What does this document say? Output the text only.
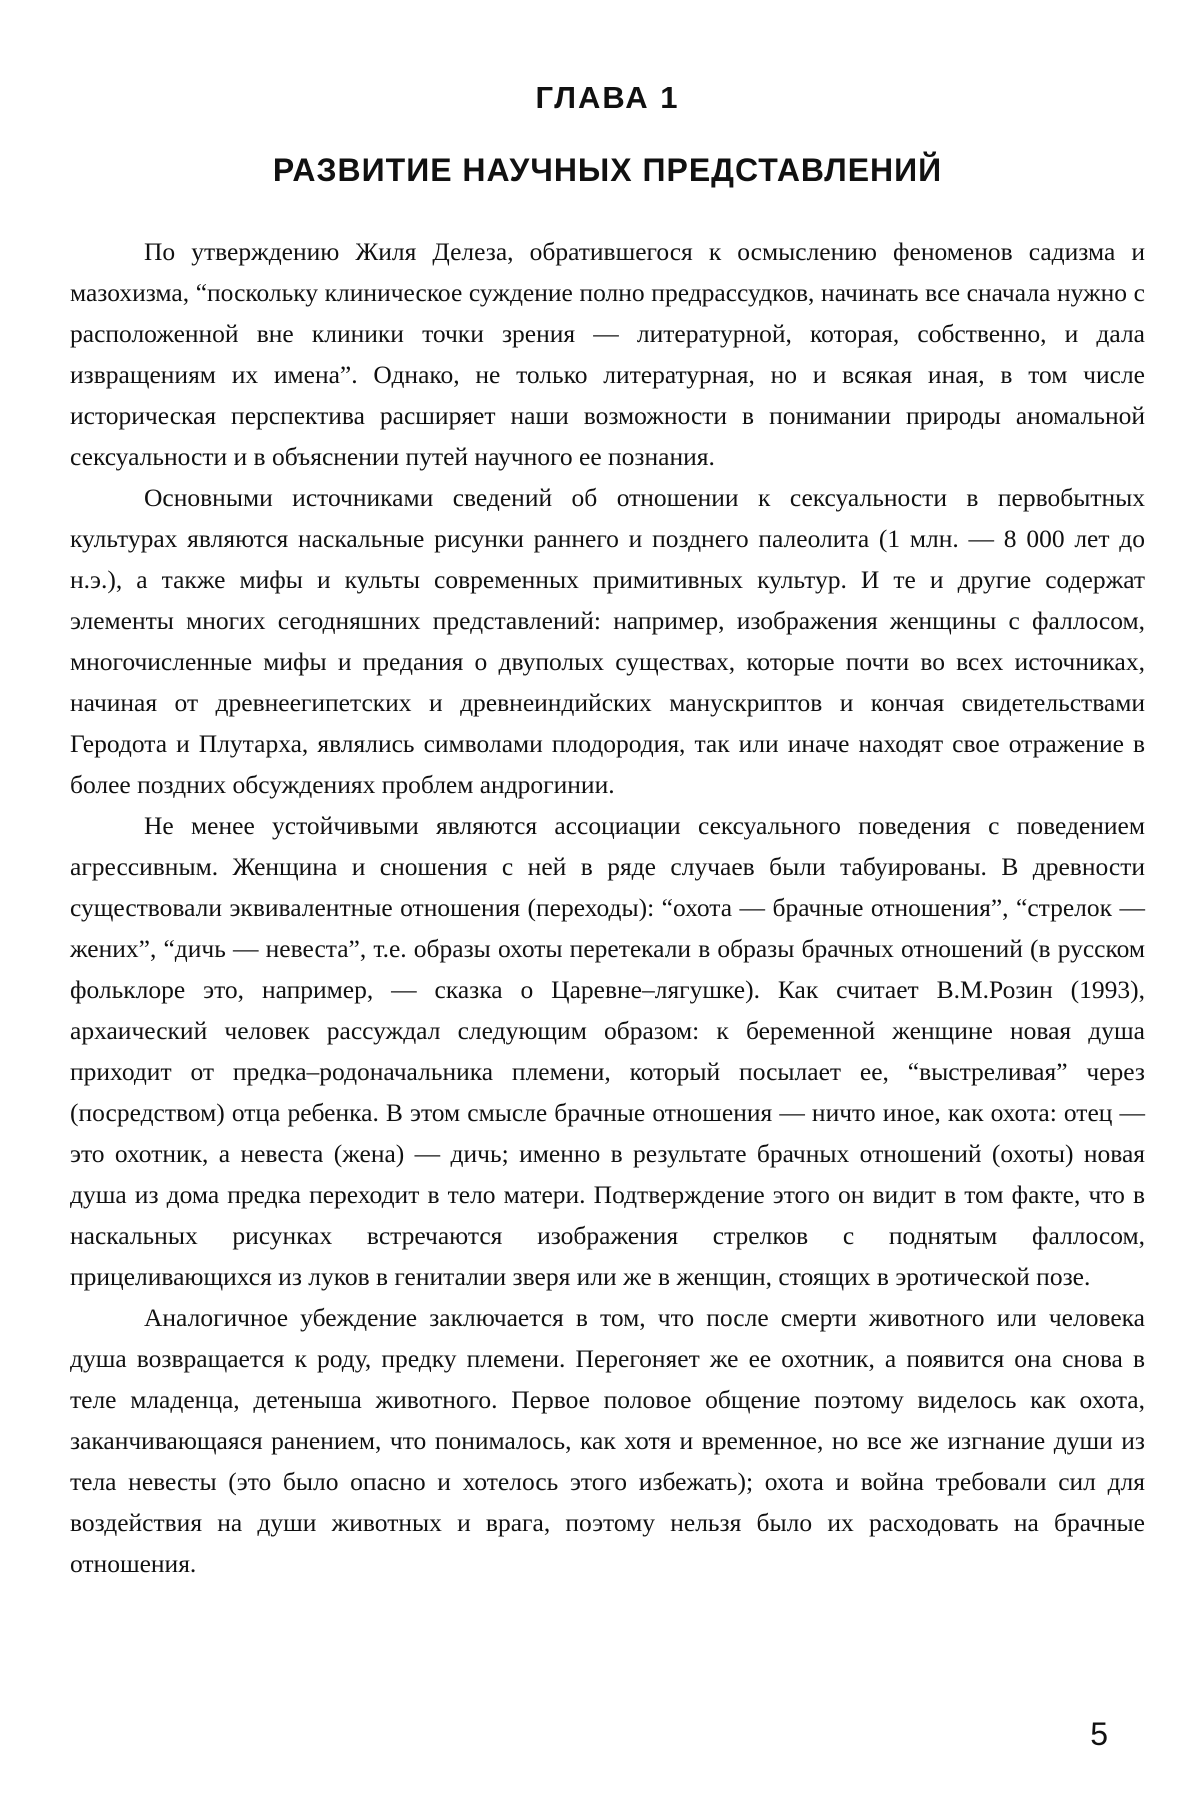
ГЛАВА 1
РАЗВИТИЕ НАУЧНЫХ ПРЕДСТАВЛЕНИЙ

По утверждению Жиля Делеза, обратившегося к осмыслению феноменов садизма и мазохизма, “поскольку клиническое суждение полно предрассудков, начинать все сначала нужно с расположенной вне клиники точки зрения — литературной, которая, собственно, и дала извращениям их имена”. Однако, не только литературная, но и всякая иная, в том числе историческая перспектива расширяет наши возможности в понимании природы аномальной сексуальности и в объяснении путей научного ее познания.

Основными источниками сведений об отношении к сексуальности в первобытных культурах являются наскальные рисунки раннего и позднего палеолита (1 млн. — 8 000 лет до н.э.), а также мифы и культы современных примитивных культур. И те и другие содержат элементы многих сегодняшних представлений: например, изображения женщины с фаллосом, многочисленные мифы и предания о двуполых существах, которые почти во всех источниках, начиная от древнеегипетских и древнеиндийских манускриптов и кончая свидетельствами Геродота и Плутарха, являлись символами плодородия, так или иначе находят свое отражение в более поздних обсуждениях проблем андрогинии.

Не менее устойчивыми являются ассоциации сексуального поведения с поведением агрессивным. Женщина и сношения с ней в ряде случаев были табуированы. В древности существовали эквивалентные отношения (переходы): “охота — брачные отношения”, “стрелок — жених”, “дичь — невеста”, т.е. образы охоты перетекали в образы брачных отношений (в русском фольклоре это, например, — сказка о Царевне–лягушке). Как считает В.М.Розин (1993), архаический человек рассуждал следующим образом: к беременной женщине новая душа приходит от предка–родоначальника племени, который посылает ее, “выстреливая” через (посредством) отца ребенка. В этом смысле брачные отношения — ничто иное, как охота: отец — это охотник, а невеста (жена) — дичь; именно в результате брачных отношений (охоты) новая душа из дома предка переходит в тело матери. Подтверждение этого он видит в том факте, что в наскальных рисунках встречаются изображения стрелков с поднятым фаллосом, прицеливающихся из луков в гениталии зверя или же в женщин, стоящих в эротической позе.

Аналогичное убеждение заключается в том, что после смерти животного или человека душа возвращается к роду, предку племени. Перегоняет же ее охотник, а появится она снова в теле младенца, детеныша животного. Первое половое общение поэтому виделось как охота, заканчивающаяся ранением, что понималось, как хотя и временное, но все же изгнание души из тела невесты (это было опасно и хотелось этого избежать); охота и война требовали сил для воздействия на души животных и врага, поэтому нельзя было их расходовать на брачные отношения.

5
